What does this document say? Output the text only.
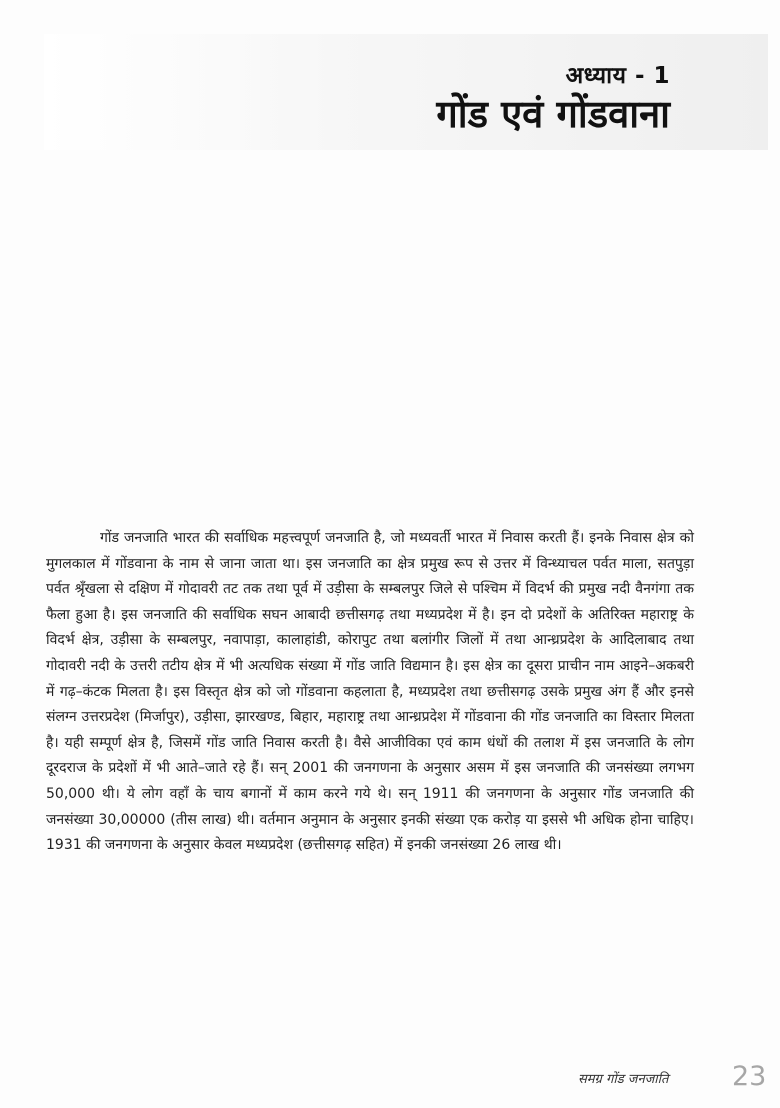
अध्याय - 1
गोंड एवं गोंडवाना

गोंड जनजाति भारत की सर्वाधिक महत्त्वपूर्ण जनजाति है, जो मध्यवर्ती भारत में निवास करती हैं। इनके निवास क्षेत्र को मुगलकाल में गोंडवाना के नाम से जाना जाता था। इस जनजाति का क्षेत्र प्रमुख रूप से उत्तर में विन्ध्याचल पर्वत माला, सतपुड़ा पर्वत श्रृँखला से दक्षिण में गोदावरी तट तक तथा पूर्व में उड़ीसा के सम्बलपुर जिले से पश्चिम में विदर्भ की प्रमुख नदी वैनगंगा तक फैला हुआ है। इस जनजाति की सर्वाधिक सघन आबादी छत्तीसगढ़ तथा मध्यप्रदेश में है। इन दो प्रदेशों के अतिरिक्त महाराष्ट्र के विदर्भ क्षेत्र, उड़ीसा के सम्बलपुर, नवापाड़ा, कालाहांडी, कोरापुट तथा बलांगीर जिलों में तथा आन्ध्रप्रदेश के आदिलाबाद तथा गोदावरी नदी के उत्तरी तटीय क्षेत्र में भी अत्यधिक संख्या में गोंड जाति विद्यमान है। इस क्षेत्र का दूसरा प्राचीन नाम आइने–अकबरी में गढ़–कंटक मिलता है। इस विस्तृत क्षेत्र को जो गोंडवाना कहलाता है, मध्यप्रदेश तथा छत्तीसगढ़ उसके प्रमुख अंग हैं और इनसे संलग्न उत्तरप्रदेश (मिर्जापुर), उड़ीसा, झारखण्ड, बिहार, महाराष्ट्र तथा आन्ध्रप्रदेश में गोंडवाना की गोंड जनजाति का विस्तार मिलता है। यही सम्पूर्ण क्षेत्र है, जिसमें गोंड जाति निवास करती है। वैसे आजीविका एवं काम धंधों की तलाश में इस जनजाति के लोग दूरदराज के प्रदेशों में भी आते–जाते रहे हैं। सन् 2001 की जनगणना के अनुसार असम में इस जनजाति की जनसंख्या लगभग 50,000 थी। ये लोग वहाँ के चाय बगानों में काम करने गये थे। सन् 1911 की जनगणना के अनुसार गोंड जनजाति की जनसंख्या 30,00000 (तीस लाख) थी। वर्तमान अनुमान के अनुसार इनकी संख्या एक करोड़ या इससे भी अधिक होना चाहिए। 1931 की जनगणना के अनुसार केवल मध्यप्रदेश (छत्तीसगढ़ सहित) में इनकी जनसंख्या 26 लाख थी।

समग्र गोंड जनजाति 23
